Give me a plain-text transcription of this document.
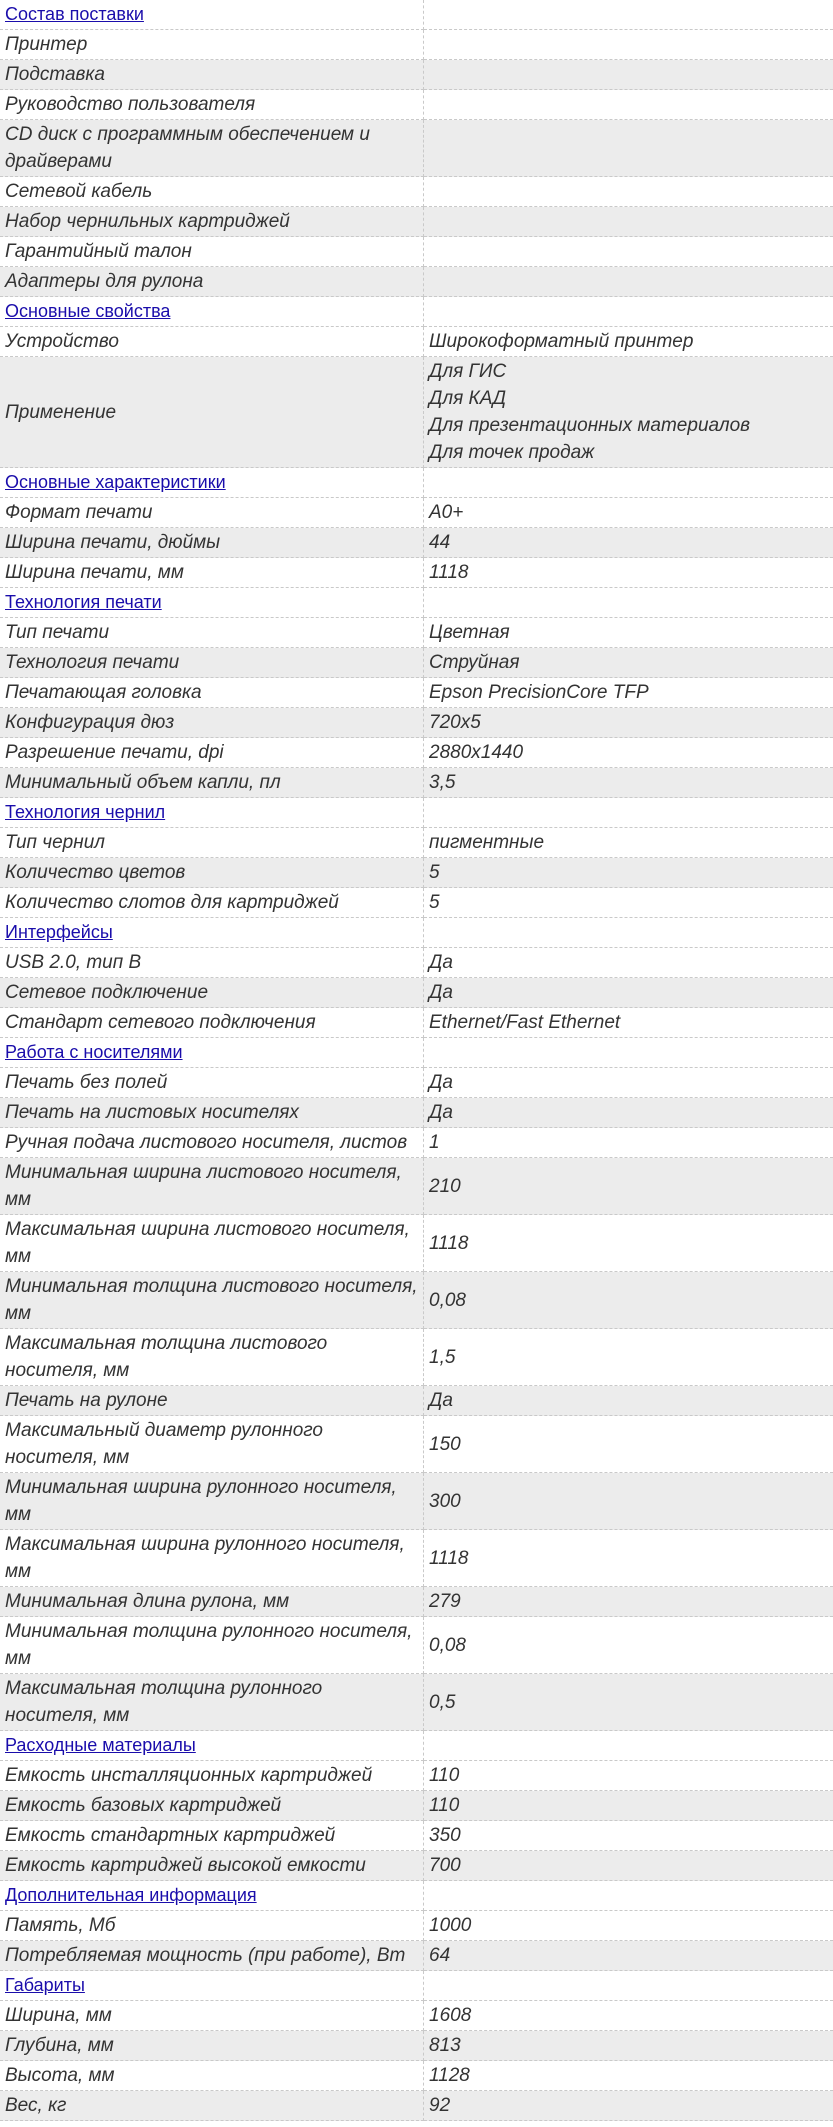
Состав поставки	
Принтер	
Подставка	
Руководство пользователя	
CD диск с программным обеспечением и драйверами	
Сетевой кабель	
Набор чернильных картриджей	
Гарантийный талон	
Адаптеры для рулона	
Основные свойства	
Устройство	Широкоформатный принтер
Применение	Для ГИС
Для КАД
Для презентационных материалов
Для точек продаж

Основные характеристики	
Формат печати	A0+
Ширина печати, дюймы	44
Ширина печати, мм	1118
Технология печати	
Тип печати	Цветная
Технология печати	Струйная
Печатающая головка	Epson PrecisionCore TFP
Конфигурация дюз	720x5
Разрешение печати, dpi	2880x1440
Минимальный объем капли, пл	3,5
Технология чернил	
Тип чернил	пигментные
Количество цветов	5
Количество слотов для картриджей	5
Интерфейсы	
USB 2.0, тип B	Да
Сетевое подключение	Да
Стандарт сетевого подключения	Ethernet/Fast Ethernet
Работа с носителями	
Печать без полей	Да
Печать на листовых носителях	Да
Ручная подача листового носителя, листов	1
Минимальная ширина листового носителя, мм	210
Максимальная ширина листового носителя, мм	1118
Минимальная толщина листового носителя, мм	0,08
Максимальная толщина листового носителя, мм	1,5
Печать на рулоне	Да
Максимальный диаметр рулонного носителя, мм	150
Минимальная ширина рулонного носителя, мм	300
Максимальная ширина рулонного носителя, мм	1118
Минимальная длина рулона, мм	279
Минимальная толщина рулонного носителя, мм	0,08
Максимальная толщина рулонного носителя, мм	0,5
Расходные материалы	
Емкость инсталляционных картриджей	110
Емкость базовых картриджей	110
Емкость стандартных картриджей	350
Емкость картриджей высокой емкости	700
Дополнительная информация	
Память, Мб	1000
Потребляемая мощность (при работе), Вт	64
Габариты	
Ширина, мм	1608
Глубина, мм	813
Высота, мм	1128
Вес, кг	92
